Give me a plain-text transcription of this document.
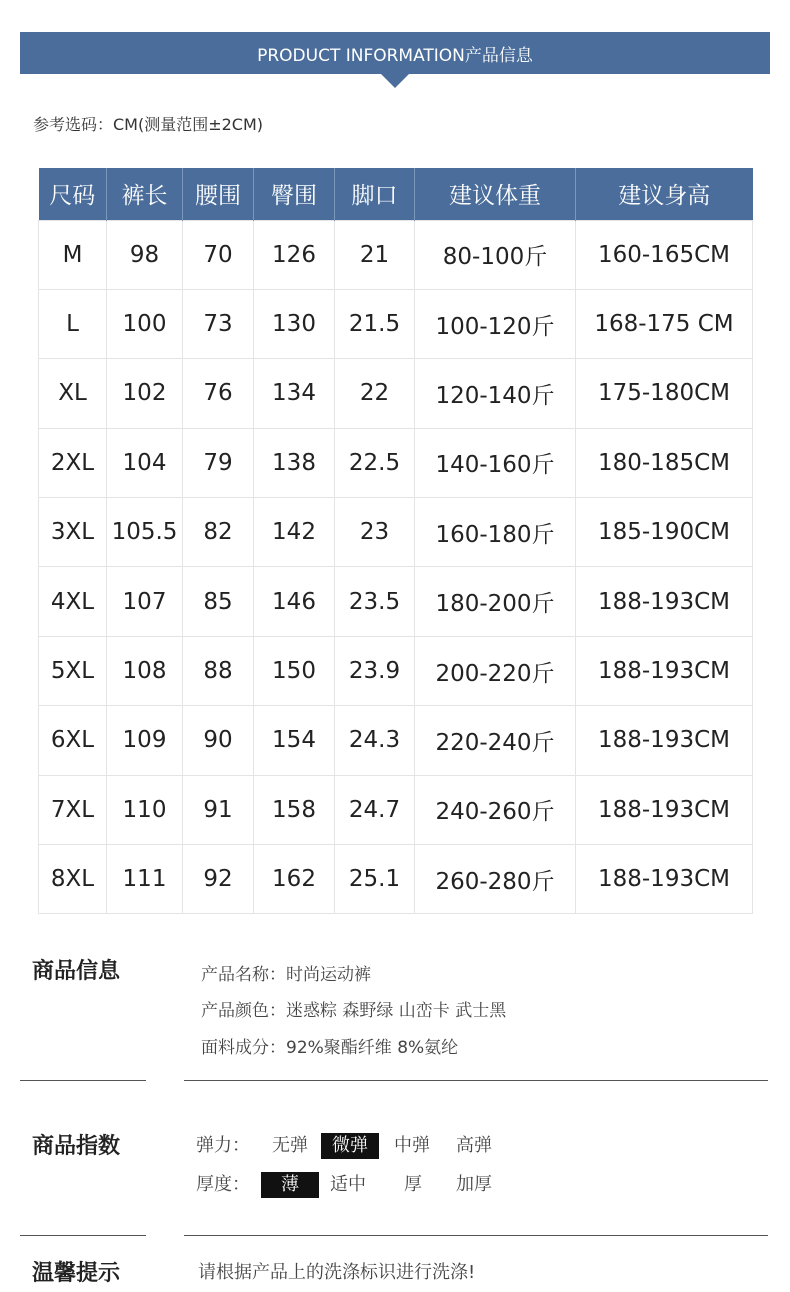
PRODUCT INFORMATION产品信息
参考选码：CM(测量范围±2CM)
尺码	裤长	腰围	臀围	脚口	建议体重	建议身高
M	98	70	126	21	80-100斤	160-165CM
L	100	73	130	21.5	100-120斤	168-175 CM
XL	102	76	134	22	120-140斤	175-180CM
2XL	104	79	138	22.5	140-160斤	180-185CM
3XL	105.5	82	142	23	160-180斤	185-190CM
4XL	107	85	146	23.5	180-200斤	188-193CM
5XL	108	88	150	23.9	200-220斤	188-193CM
6XL	109	90	154	24.3	220-240斤	188-193CM
7XL	110	91	158	24.7	240-260斤	188-193CM
8XL	111	92	162	25.1	260-280斤	188-193CM
商品信息	产品名称：时尚运动裤
产品颜色：迷惑粽 森野绿 山峦卡 武士黑
面料成分：92%聚酯纤维 8%氨纶
商品指数	弹力：	无弹	微弹	中弹	高弹
厚度：	薄	适中	厚	加厚
温馨提示	请根据产品上的洗涤标识进行洗涤!
